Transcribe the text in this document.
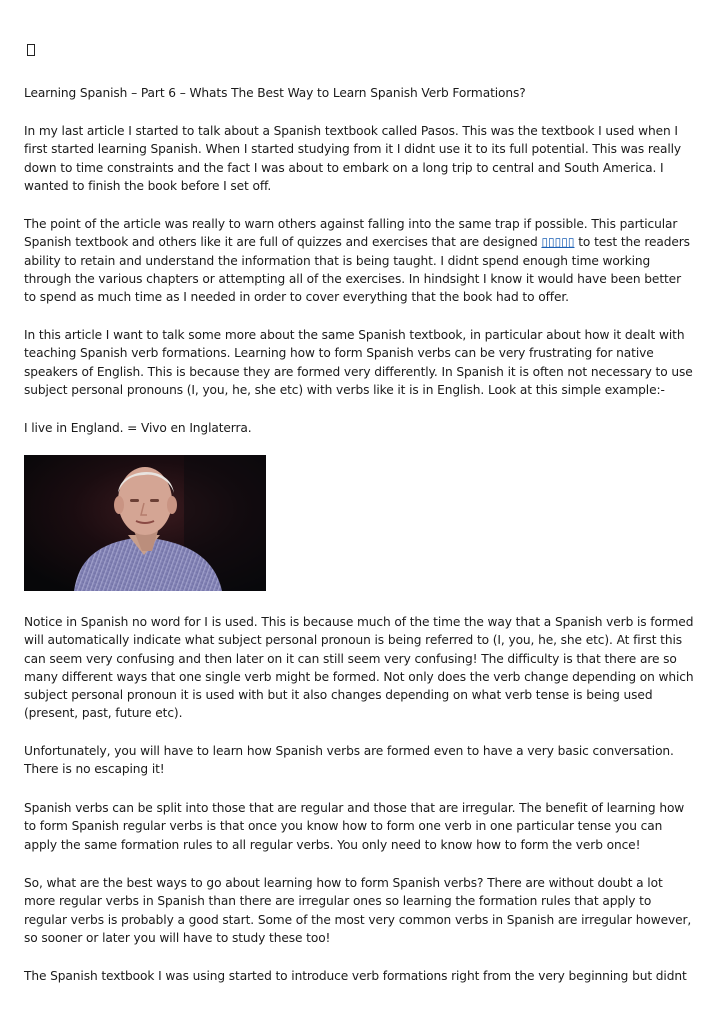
Learning Spanish – Part 6 – Whats The Best Way to Learn Spanish Verb Formations?

In my last article I started to talk about a Spanish textbook called Pasos. This was the textbook I used when I first started learning Spanish. When I started studying from it I didnt use it to its full potential. This was really down to time constraints and the fact I was about to embark on a long trip to central and South America. I wanted to finish the book before I set off.

The point of the article was really to warn others against falling into the same trap if possible. This particular Spanish textbook and others like it are full of quizzes and exercises that are designed ▯▯▯▯▯ to test the readers ability to retain and understand the information that is being taught. I didnt spend enough time working through the various chapters or attempting all of the exercises. In hindsight I know it would have been better to spend as much time as I needed in order to cover everything that the book had to offer.

In this article I want to talk some more about the same Spanish textbook, in particular about how it dealt with teaching Spanish verb formations. Learning how to form Spanish verbs can be very frustrating for native speakers of English. This is because they are formed very differently. In Spanish it is often not necessary to use subject personal pronouns (I, you, he, she etc) with verbs like it is in English. Look at this simple example:-

I live in England. = Vivo en Inglaterra.

Notice in Spanish no word for I is used. This is because much of the time the way that a Spanish verb is formed will automatically indicate what subject personal pronoun is being referred to (I, you, he, she etc). At first this can seem very confusing and then later on it can still seem very confusing! The difficulty is that there are so many different ways that one single verb might be formed. Not only does the verb change depending on which subject personal pronoun it is used with but it also changes depending on what verb tense is being used (present, past, future etc).

Unfortunately, you will have to learn how Spanish verbs are formed even to have a very basic conversation. There is no escaping it!

Spanish verbs can be split into those that are regular and those that are irregular. The benefit of learning how to form Spanish regular verbs is that once you know how to form one verb in one particular tense you can apply the same formation rules to all regular verbs. You only need to know how to form the verb once!

So, what are the best ways to go about learning how to form Spanish verbs? There are without doubt a lot more regular verbs in Spanish than there are irregular ones so learning the formation rules that apply to regular verbs is probably a good start. Some of the most very common verbs in Spanish are irregular however, so sooner or later you will have to study these too!

The Spanish textbook I was using started to introduce verb formations right from the very beginning but didnt
